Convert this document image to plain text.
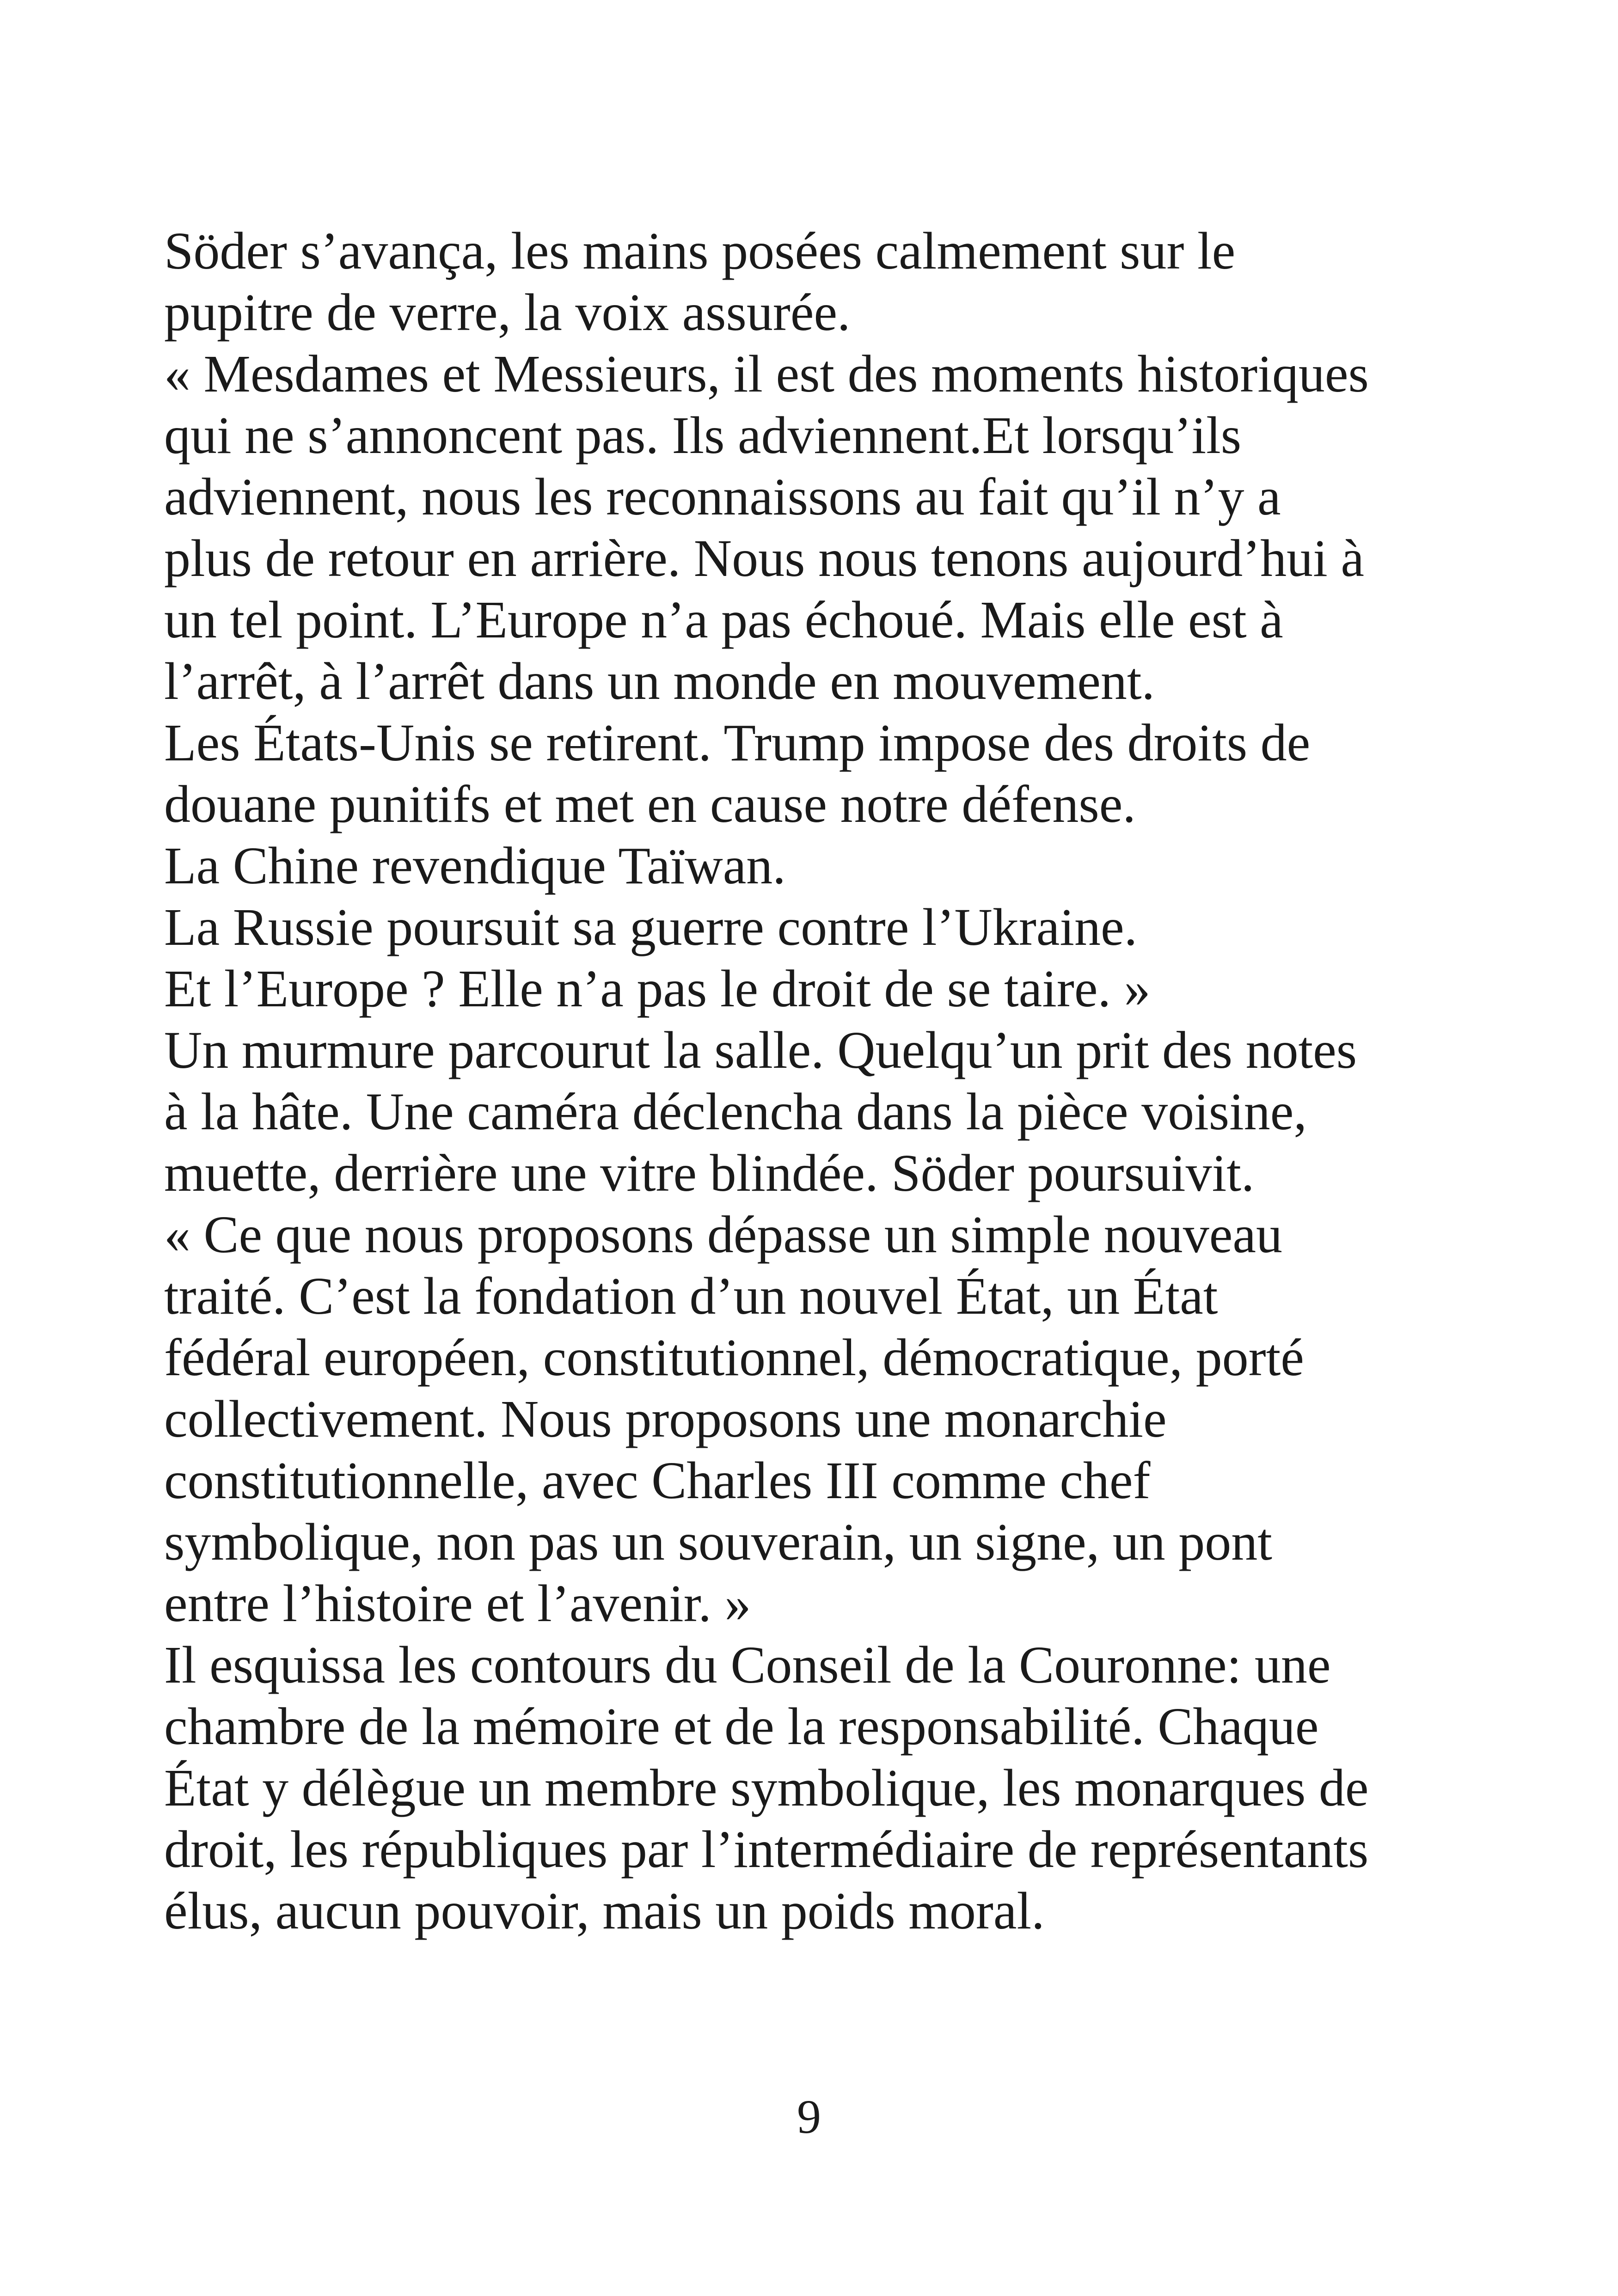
Söder s’avança, les mains posées calmement sur le
pupitre de verre, la voix assurée.
« Mesdames et Messieurs, il est des moments historiques
qui ne s’annoncent pas. Ils adviennent.Et lorsqu’ils
adviennent, nous les reconnaissons au fait qu’il n’y a
plus de retour en arrière. Nous nous tenons aujourd’hui à
un tel point. L’Europe n’a pas échoué. Mais elle est à
l’arrêt, à l’arrêt dans un monde en mouvement.
Les États-Unis se retirent. Trump impose des droits de
douane punitifs et met en cause notre défense.
La Chine revendique Taïwan.
La Russie poursuit sa guerre contre l’Ukraine.
Et l’Europe ? Elle n’a pas le droit de se taire. »
Un murmure parcourut la salle. Quelqu’un prit des notes
à la hâte. Une caméra déclencha dans la pièce voisine,
muette, derrière une vitre blindée. Söder poursuivit.
« Ce que nous proposons dépasse un simple nouveau
traité. C’est la fondation d’un nouvel État, un État
fédéral européen, constitutionnel, démocratique, porté
collectivement. Nous proposons une monarchie
constitutionnelle, avec Charles III comme chef
symbolique, non pas un souverain, un signe, un pont
entre l’histoire et l’avenir. »
Il esquissa les contours du Conseil de la Couronne: une
chambre de la mémoire et de la responsabilité. Chaque
État y délègue un membre symbolique, les monarques de
droit, les républiques par l’intermédiaire de représentants
élus, aucun pouvoir, mais un poids moral.
9
